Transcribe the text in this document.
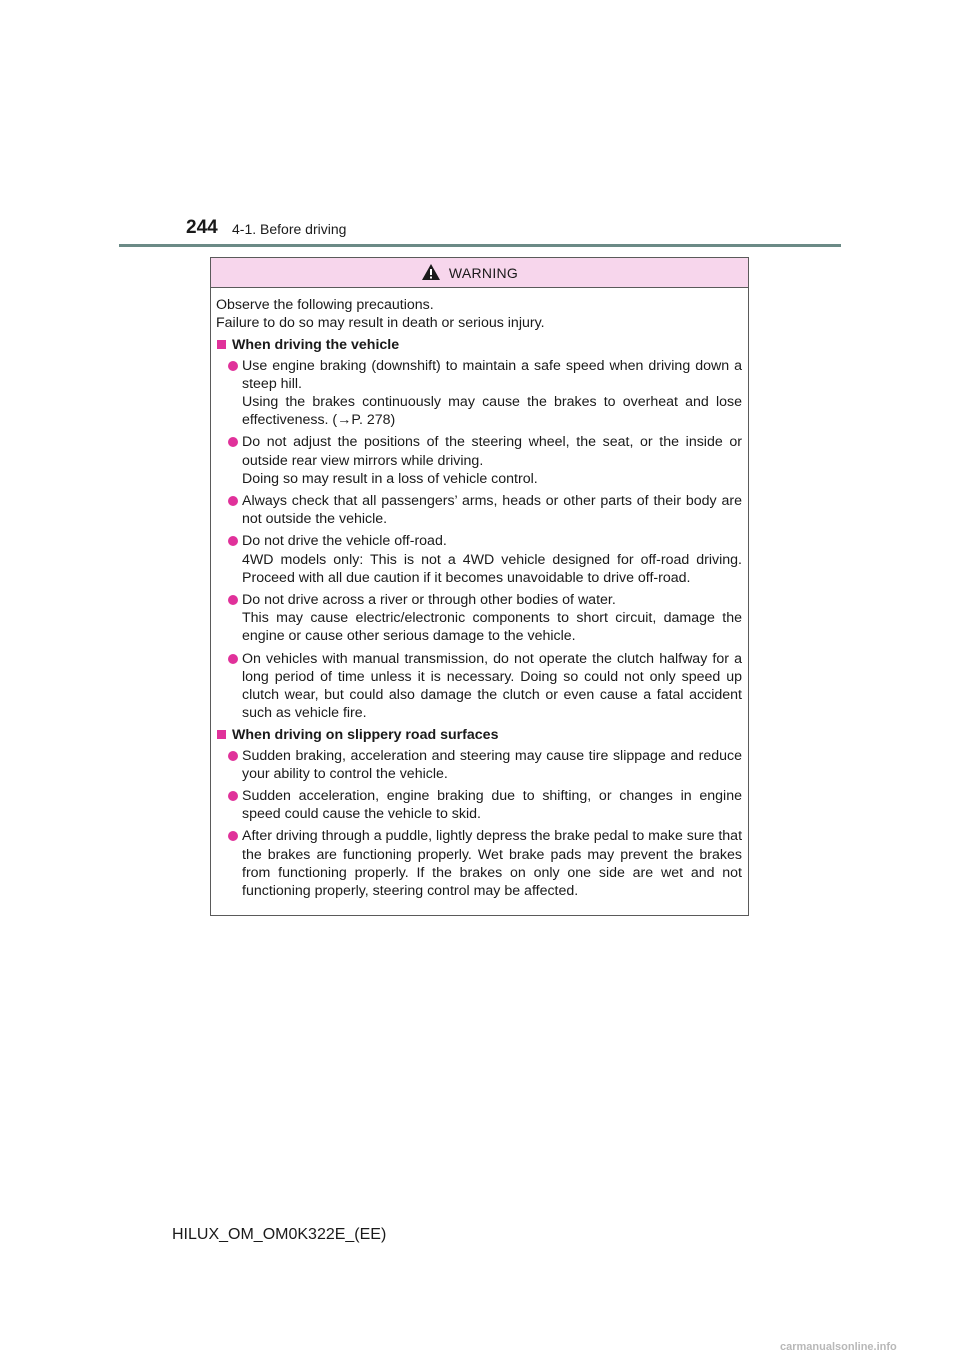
244 4-1. Before driving
WARNING

Observe the following precautions.
Failure to do so may result in death or serious injury.

When driving the vehicle

Use engine braking (downshift) to maintain a safe speed when driving down a steep hill.
Using the brakes continuously may cause the brakes to overheat and lose effectiveness. (→P. 278)
Do not adjust the positions of the steering wheel, the seat, or the inside or outside rear view mirrors while driving.
Doing so may result in a loss of vehicle control.
Always check that all passengers’ arms, heads or other parts of their body are not outside the vehicle.
Do not drive the vehicle off-road.
4WD models only: This is not a 4WD vehicle designed for off-road driving. Proceed with all due caution if it becomes unavoidable to drive off-road.
Do not drive across a river or through other bodies of water.
This may cause electric/electronic components to short circuit, damage the engine or cause other serious damage to the vehicle.
On vehicles with manual transmission, do not operate the clutch halfway for a long period of time unless it is necessary. Doing so could not only speed up clutch wear, but could also damage the clutch or even cause a fatal accident such as vehicle fire.

When driving on slippery road surfaces

Sudden braking, acceleration and steering may cause tire slippage and reduce your ability to control the vehicle.
Sudden acceleration, engine braking due to shifting, or changes in engine speed could cause the vehicle to skid.
After driving through a puddle, lightly depress the brake pedal to make sure that the brakes are functioning properly. Wet brake pads may prevent the brakes from functioning properly. If the brakes on only one side are wet and not functioning properly, steering control may be affected.
HILUX_OM_OM0K322E_(EE)
carmanualsonline.info
